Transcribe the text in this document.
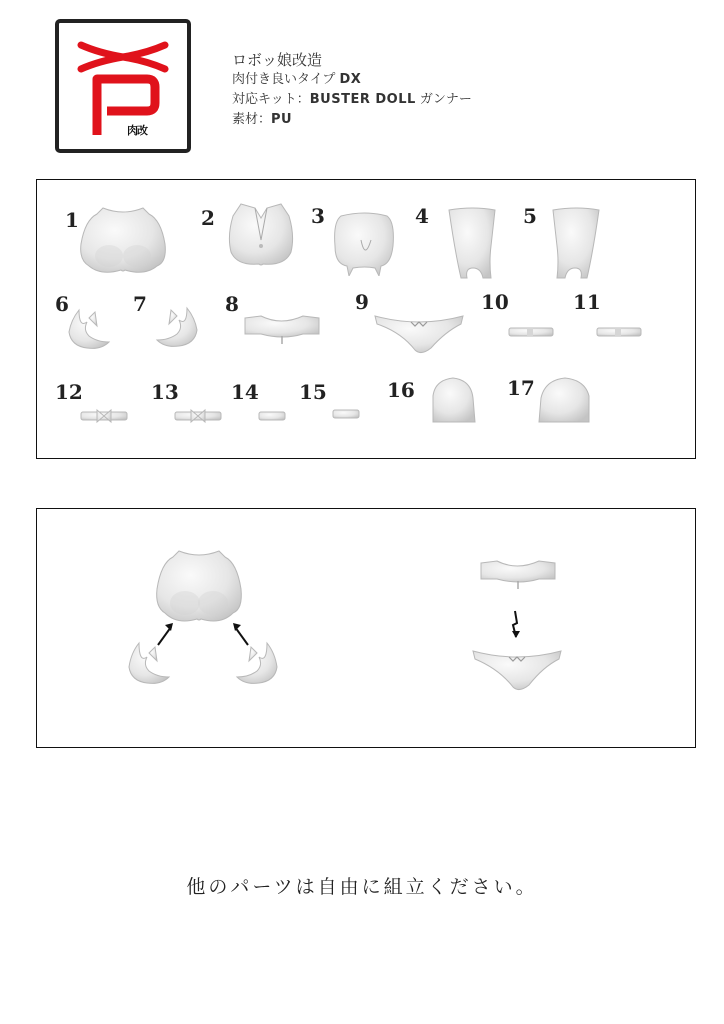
肉改
ロボッ娘改造
肉付き良いタイプ DX
対応キット：BUSTER DOLL ガンナー
素材：PU
1	2	3	4	5
6	7	8	9	10	11
12	13	14 15	16	17
他のパーツは自由に組立ください。
